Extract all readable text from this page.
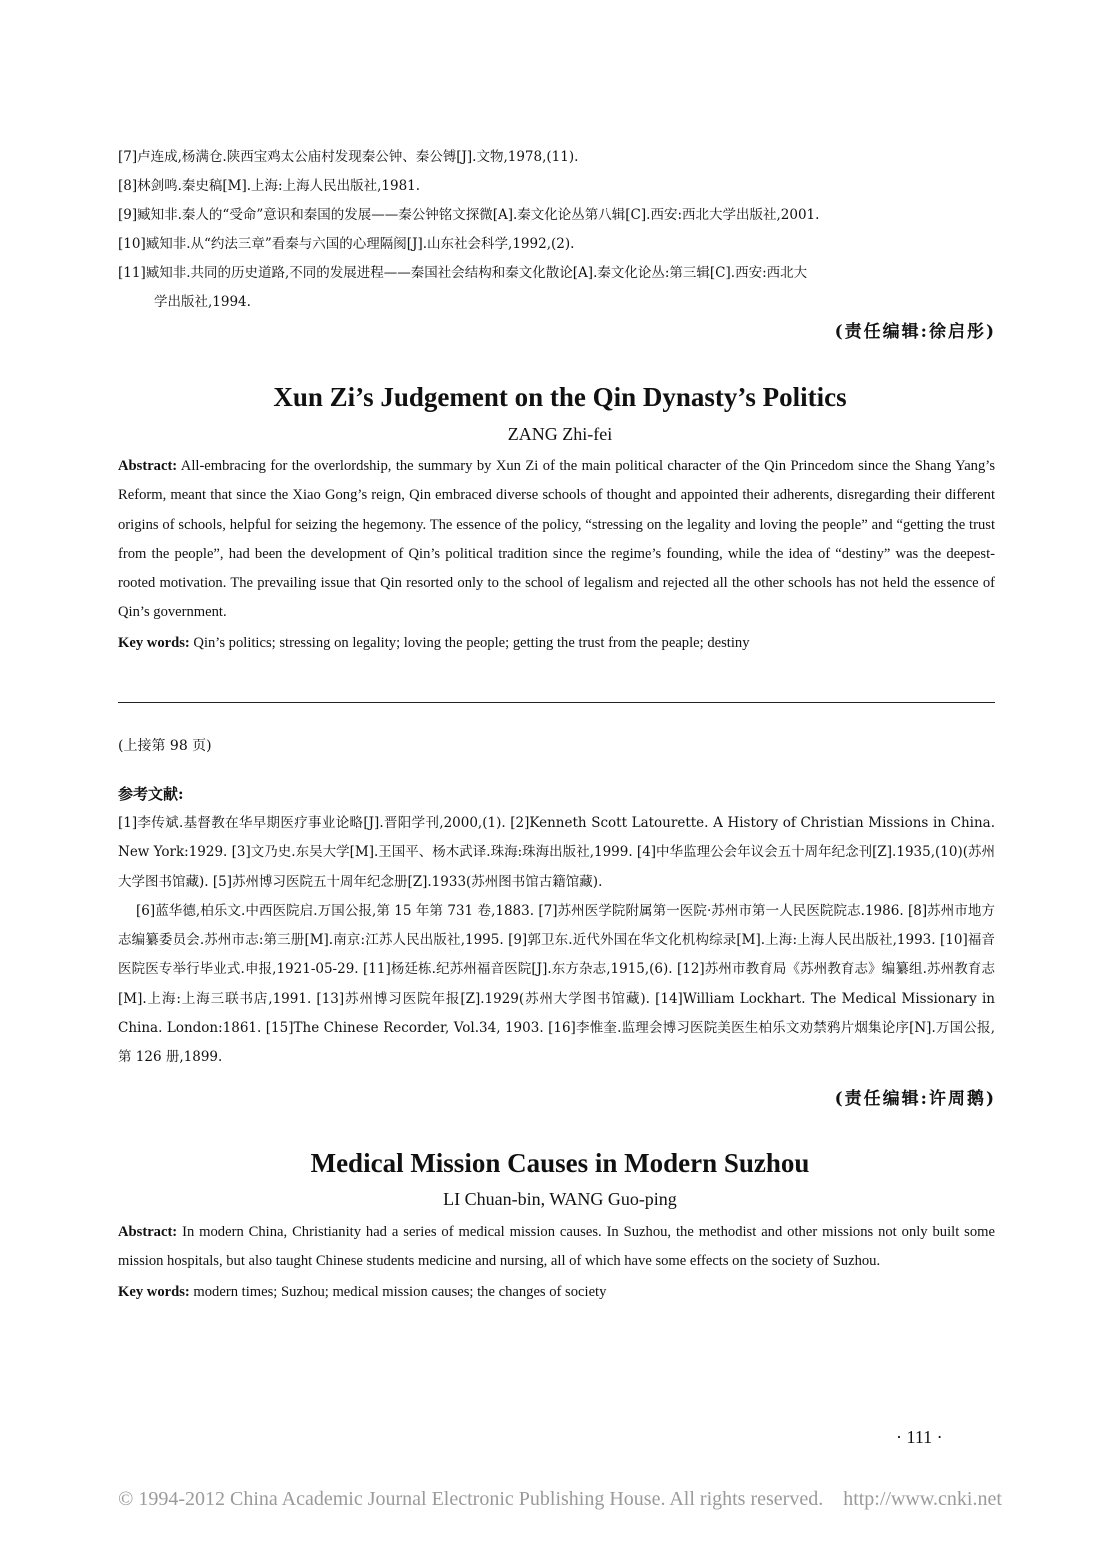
[7]卢连成,杨满仓.陕西宝鸡太公庙村发现秦公钟、秦公镈[J].文物,1978,(11).

[8]林剑鸣.秦史稿[M].上海:上海人民出版社,1981.

[9]臧知非.秦人的“受命”意识和秦国的发展——秦公钟铭文探微[A].秦文化论丛第八辑[C].西安:西北大学出版社,2001.

[10]臧知非.从“约法三章”看秦与六国的心理隔阂[J].山东社会科学,1992,(2).

[11]臧知非.共同的历史道路,不同的发展进程——秦国社会结构和秦文化散论[A].秦文化论丛:第三辑[C].西安:西北大

学出版社,1994.

(责任编辑:徐启彤)
Xun Zi’s Judgement on the Qin Dynasty’s Politics
ZANG Zhi-fei

Abstract: All-embracing for the overlordship, the summary by Xun Zi of the main political character of the Qin Princedom since the Shang Yang’s Reform, meant that since the Xiao Gong’s reign, Qin embraced diverse schools of thought and appointed their adherents, disregarding their different origins of schools, helpful for seizing the hegemony. The essence of the policy, “stressing on the legality and loving the people” and “getting the trust from the people”, had been the development of Qin’s political tradition since the regime’s founding, while the idea of “destiny” was the deepest-rooted motivation. The prevailing issue that Qin resorted only to the school of legalism and rejected all the other schools has not held the essence of Qin’s government.

Key words: Qin’s politics; stressing on legality; loving the people; getting the trust from the peaple; destiny

(上接第 98 页)
参考文献:

[1]李传斌.基督教在华早期医疗事业论略[J].晋阳学刊,2000,(1). [2]Kenneth Scott Latourette. A History of Christian Missions in China. New York:1929. [3]文乃史.东吴大学[M].王国平、杨木武译.珠海:珠海出版社,1999. [4]中华监理公会年议会五十周年纪念刊[Z].1935,(10)(苏州大学图书馆藏). [5]苏州博习医院五十周年纪念册[Z].1933(苏州图书馆古籍馆藏).

[6]蓝华德,柏乐文.中西医院启.万国公报,第 15 年第 731 卷,1883. [7]苏州医学院附属第一医院·苏州市第一人民医院院志.1986. [8]苏州市地方志编纂委员会.苏州市志:第三册[M].南京:江苏人民出版社,1995. [9]郭卫东.近代外国在华文化机构综录[M].上海:上海人民出版社,1993. [10]福音医院医专举行毕业式.申报,1921-05-29. [11]杨廷栋.纪苏州福音医院[J].东方杂志,1915,(6). [12]苏州市教育局《苏州教育志》编纂组.苏州教育志[M].上海:上海三联书店,1991. [13]苏州博习医院年报[Z].1929(苏州大学图书馆藏). [14]William Lockhart. The Medical Missionary in China. London:1861. [15]The Chinese Recorder, Vol.34, 1903. [16]李惟奎.监理会博习医院美医生柏乐文劝禁鸦片烟集论序[N].万国公报,第 126 册,1899.

(责任编辑:许周鹅)
Medical Mission Causes in Modern Suzhou
LI Chuan-bin, WANG Guo-ping

Abstract: In modern China, Christianity had a series of medical mission causes. In Suzhou, the methodist and other missions not only built some mission hospitals, but also taught Chinese students medicine and nursing, all of which have some effects on the society of Suzhou.

Key words: modern times; Suzhou; medical mission causes; the changes of society

· 111 ·
© 1994-2012 China Academic Journal Electronic Publishing House. All rights reserved.    http://www.cnki.net
